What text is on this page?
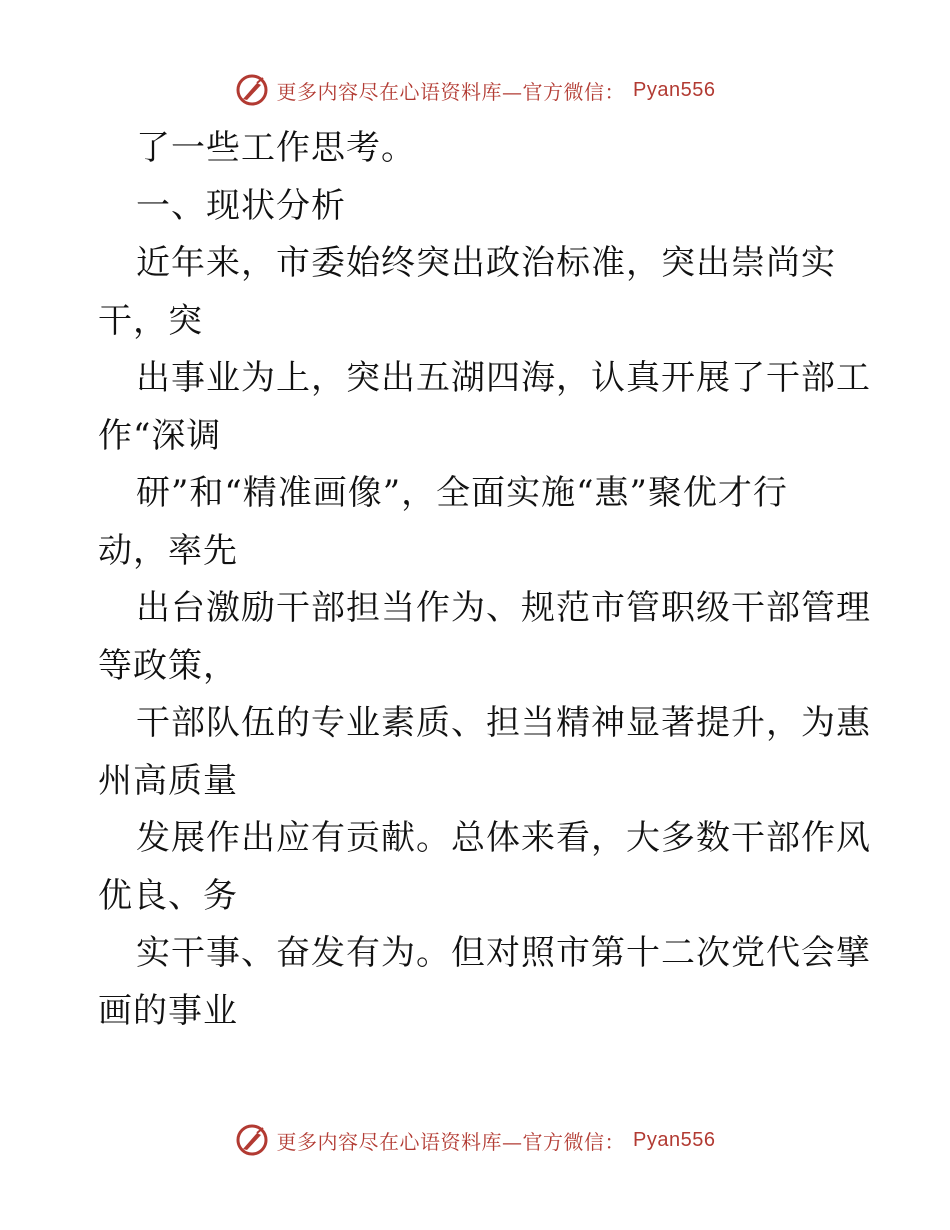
更多内容尽在心语资料库—官方微信： Pyan556
了一些工作思考。
一、现状分析
近年来，市委始终突出政治标准，突出崇尚实
干，突
出事业为上，突出五湖四海，认真开展了干部工
作“深调
研”和“精准画像”，全面实施“惠”聚优才行
动，率先
出台激励干部担当作为、规范市管职级干部管理
等政策，
干部队伍的专业素质、担当精神显著提升，为惠
州高质量
发展作出应有贡献。总体来看，大多数干部作风
优良、务
实干事、奋发有为。但对照市第十二次党代会擘
画的事业
更多内容尽在心语资料库—官方微信： Pyan556
